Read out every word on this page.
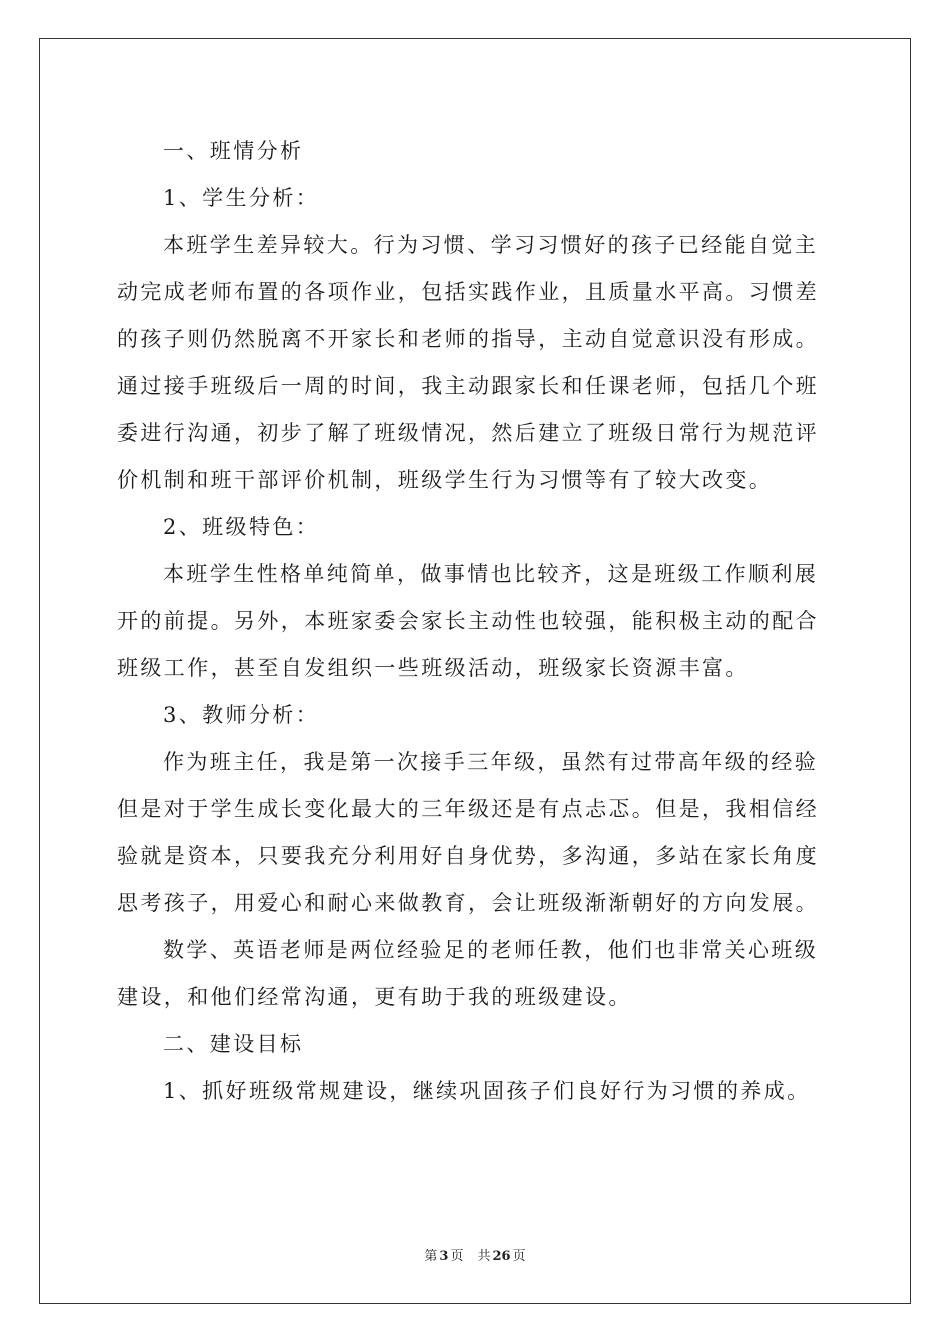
一、班情分析

1、学生分析：

本班学生差异较大。行为习惯、学习习惯好的孩子已经能自觉主

动完成老师布置的各项作业，包括实践作业，且质量水平高。习惯差

的孩子则仍然脱离不开家长和老师的指导，主动自觉意识没有形成。

通过接手班级后一周的时间，我主动跟家长和任课老师，包括几个班

委进行沟通，初步了解了班级情况，然后建立了班级日常行为规范评

价机制和班干部评价机制，班级学生行为习惯等有了较大改变。

2、班级特色：

本班学生性格单纯简单，做事情也比较齐，这是班级工作顺利展

开的前提。另外，本班家委会家长主动性也较强，能积极主动的配合

班级工作，甚至自发组织一些班级活动，班级家长资源丰富。

3、教师分析：

作为班主任，我是第一次接手三年级，虽然有过带高年级的经验

但是对于学生成长变化最大的三年级还是有点忐忑。但是，我相信经

验就是资本，只要我充分利用好自身优势，多沟通，多站在家长角度

思考孩子，用爱心和耐心来做教育，会让班级渐渐朝好的方向发展。

数学、英语老师是两位经验足的老师任教，他们也非常关心班级

建设，和他们经常沟通，更有助于我的班级建设。

二、建设目标

1、抓好班级常规建设，继续巩固孩子们良好行为习惯的养成。

第 3 页 共 26 页
